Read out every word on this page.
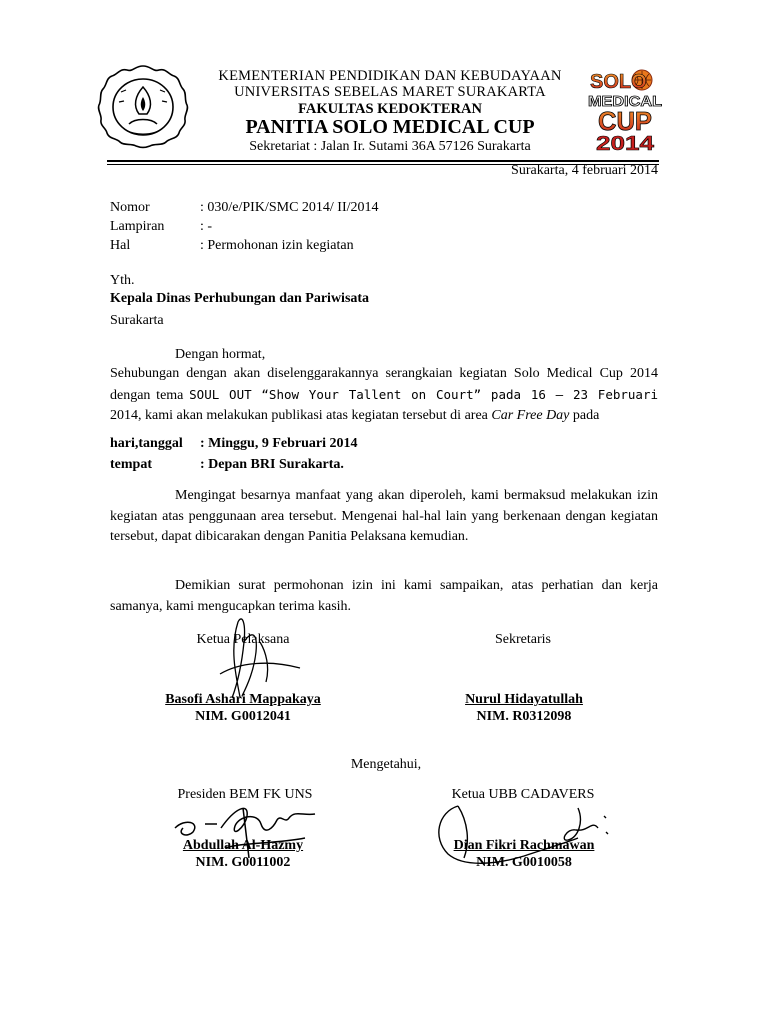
KEMENTERIAN PENDIDIKAN DAN KEBUDAYAAN
UNIVERSITAS SEBELAS MARET SURAKARTA
FAKULTAS KEDOKTERAN
PANITIA SOLO MEDICAL CUP
Sekretariat : Jalan Ir. Sutami 36A 57126 Surakarta
SOLO
MEDICAL
CUP
2014
Surakarta, 4 februari 2014
Nomor	: 030/e/PIK/SMC 2014/ II/2014
Lampiran	: -
Hal	: Permohonan izin kegiatan
Yth.
Kepala Dinas Perhubungan dan Pariwisata
Surakarta
Dengan hormat,
Sehubungan dengan akan diselenggarakannya serangkaian kegiatan Solo Medical Cup 2014 dengan tema SOUL OUT “Show Your Tallent on Court” pada 16 – 23 Februari 2014, kami akan melakukan publikasi atas kegiatan tersebut di area Car Free Day pada
hari,tanggal : Minggu, 9 Februari 2014
tempat	: Depan BRI Surakarta.
Mengingat besarnya manfaat yang akan diperoleh, kami bermaksud melakukan izin kegiatan atas penggunaan area tersebut. Mengenai hal-hal lain yang berkenaan dengan kegiatan tersebut, dapat dibicarakan dengan Panitia Pelaksana kemudian.
Demikian surat permohonan izin ini kami sampaikan, atas perhatian dan kerja samanya, kami mengucapkan terima kasih.
Ketua Pelaksana
Basofi Ashari Mappakaya
NIM. G0012041
Sekretaris
Nurul Hidayatullah
NIM. R0312098
Mengetahui,
Presiden BEM FK UNS
Abdullah Al-Hazmy
NIM. G0011002
Ketua UBB CADAVERS
Dian Fikri Rachmawan
NIM. G0010058
